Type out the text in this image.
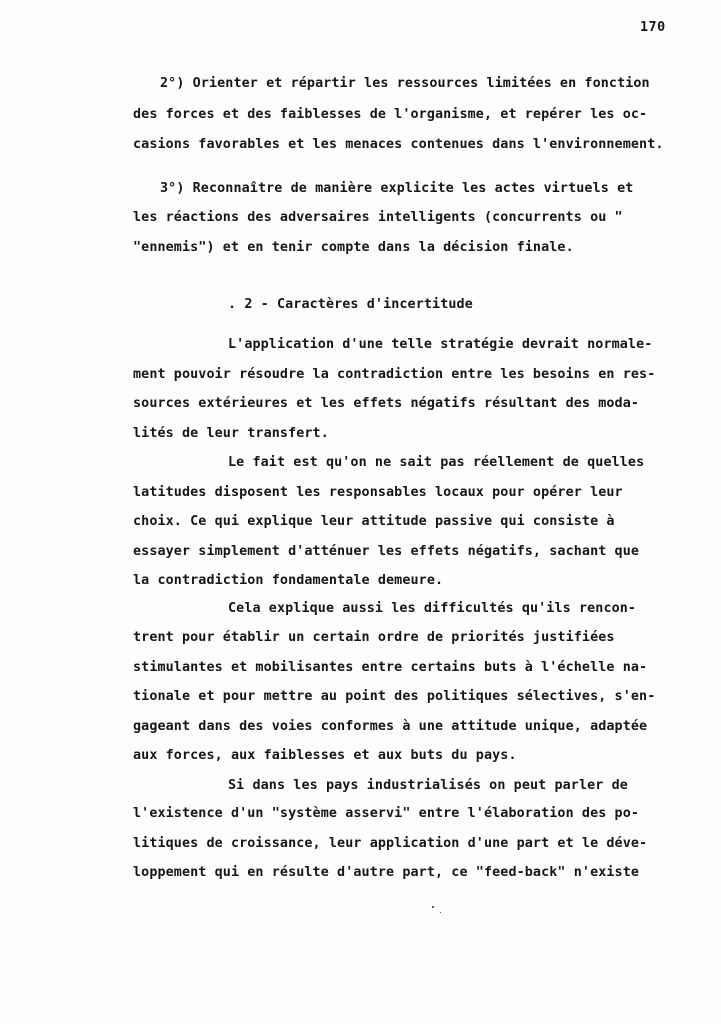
170
2°) Orienter et répartir les ressources limitées en fonction
des forces et des faiblesses de l'organisme, et repérer les oc-
casions favorables et les menaces contenues dans l'environnement.
3°) Reconnaître de manière explicite les actes virtuels et
les réactions des adversaires intelligents (concurrents ou "
"ennemis") et en tenir compte dans la décision finale.
. 2 - Caractères d'incertitude
L'application d'une telle stratégie devrait normale-
ment pouvoir résoudre la contradiction entre les besoins en res-
sources extérieures et les effets négatifs résultant des moda-
lités de leur transfert.
Le fait est qu'on ne sait pas réellement de quelles
latitudes disposent les responsables locaux pour opérer leur
choix. Ce qui explique leur attitude passive qui consiste à
essayer simplement d'atténuer les effets négatifs, sachant que
la contradiction fondamentale demeure.
Cela explique aussi les difficultés qu'ils rencon-
trent pour établir un certain ordre de priorités justifiées
stimulantes et mobilisantes entre certains buts à l'échelle na-
tionale et pour mettre au point des politiques sélectives, s'en-
gageant dans des voies conformes à une attitude unique, adaptée
aux forces, aux faiblesses et aux buts du pays.
Si dans les pays industrialisés on peut parler de
l'existence d'un "système asservi" entre l'élaboration des po-
litiques de croissance, leur application d'une part et le déve-
loppement qui en résulte d'autre part, ce "feed-back" n'existe
